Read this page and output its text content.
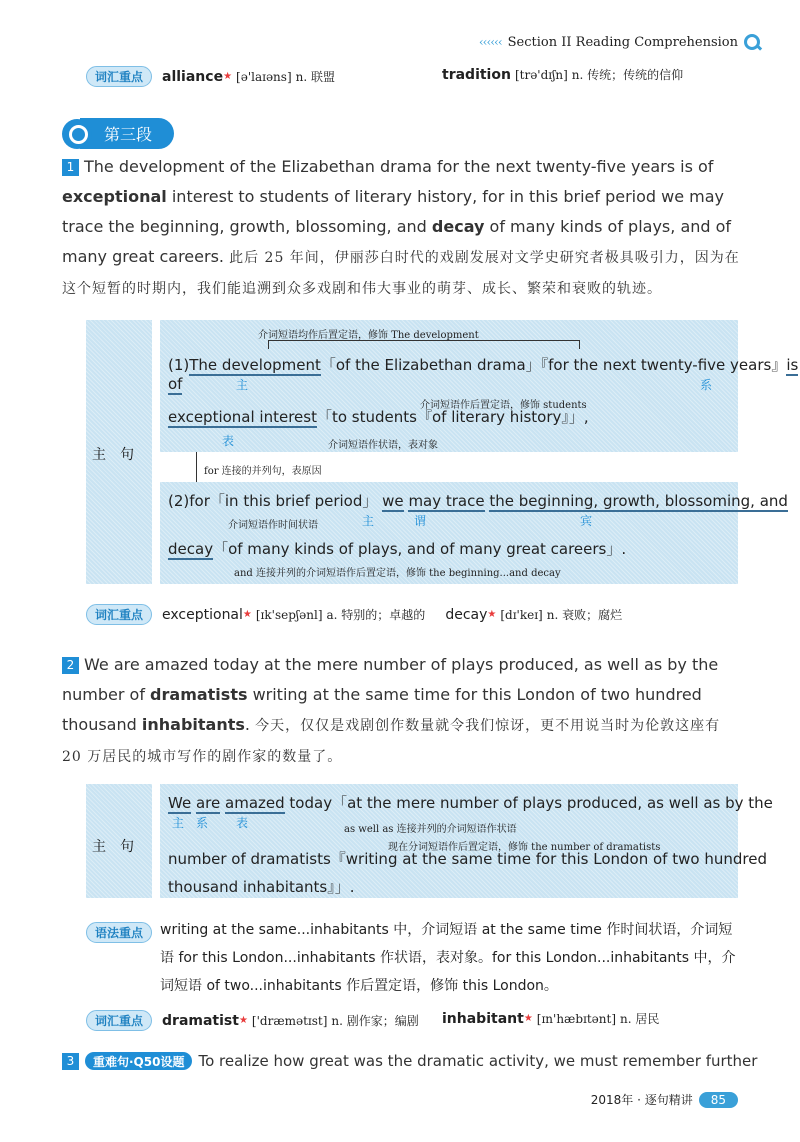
‹‹‹‹‹‹ Section II Reading Comprehension
词汇重点	alliance ★ [ə'laɪəns] n. 联盟	tradition [trə'dɪʃn] n. 传统；传统的信仰
第三段
1 The development of the Elizabethan drama for the next twenty-five years is of exceptional interest to students of literary history, for in this brief period we may trace the beginning, growth, blossoming, and decay of many kinds of plays, and of many great careers. 此后 25 年间，伊丽莎白时代的戏剧发展对文学史研究者极具吸引力，因为在这个短暂的时期内，我们能追溯到众多戏剧和伟大事业的萌芽、成长、繁荣和衰败的轨迹。
主　句
介词短语均作后置定语，修饰 The development
(1)The development「of the Elizabethan drama」『for the next twenty-five years』is of	主	系
介词短语作后置定语，修饰 students
exceptional interest「to students『of literary history』」,
表	介词短语作状语，表对象
for 连接的并列句，表原因
(2)for「in this brief period」 we may trace the beginning, growth, blossoming, and
介词短语作时间状语	主	谓	宾
decay「of many kinds of plays, and of many great careers」.
and 连接并列的介词短语作后置定语，修饰 the beginning...and decay
词汇重点	exceptional ★ [ɪk'sepʃənl] a. 特别的；卓越的 decay ★ [dɪ'keɪ] n. 衰败；腐烂
2 We are amazed today at the mere number of plays produced, as well as by the number of dramatists writing at the same time for this London of two hundred thousand inhabitants. 今天，仅仅是戏剧创作数量就令我们惊讶，更不用说当时为伦敦这座有 20 万居民的城市写作的剧作家的数量了。
主　句
We are amazed today「at the mere number of plays produced, as well as by the
主 系 表	as well as 连接并列的介词短语作状语
现在分词短语作后置定语，修饰 the number of dramatists
number of dramatists『writing at the same time for this London of two hundred
thousand inhabitants』」.
语法重点	writing at the same...inhabitants 中，介词短语 at the same time 作时间状语，介词短语 for this London...inhabitants 作状语，表对象。for this London...inhabitants 中，介词短语 of two...inhabitants 作后置定语，修饰 this London。
词汇重点	dramatist ★ ['dræmətɪst] n. 剧作家；编剧 inhabitant ★ [ɪn'hæbɪtənt] n. 居民
3	重难句·Q50设题 To realize how great was the dramatic activity, we must remember further
2018年 · 逐句精讲	85
